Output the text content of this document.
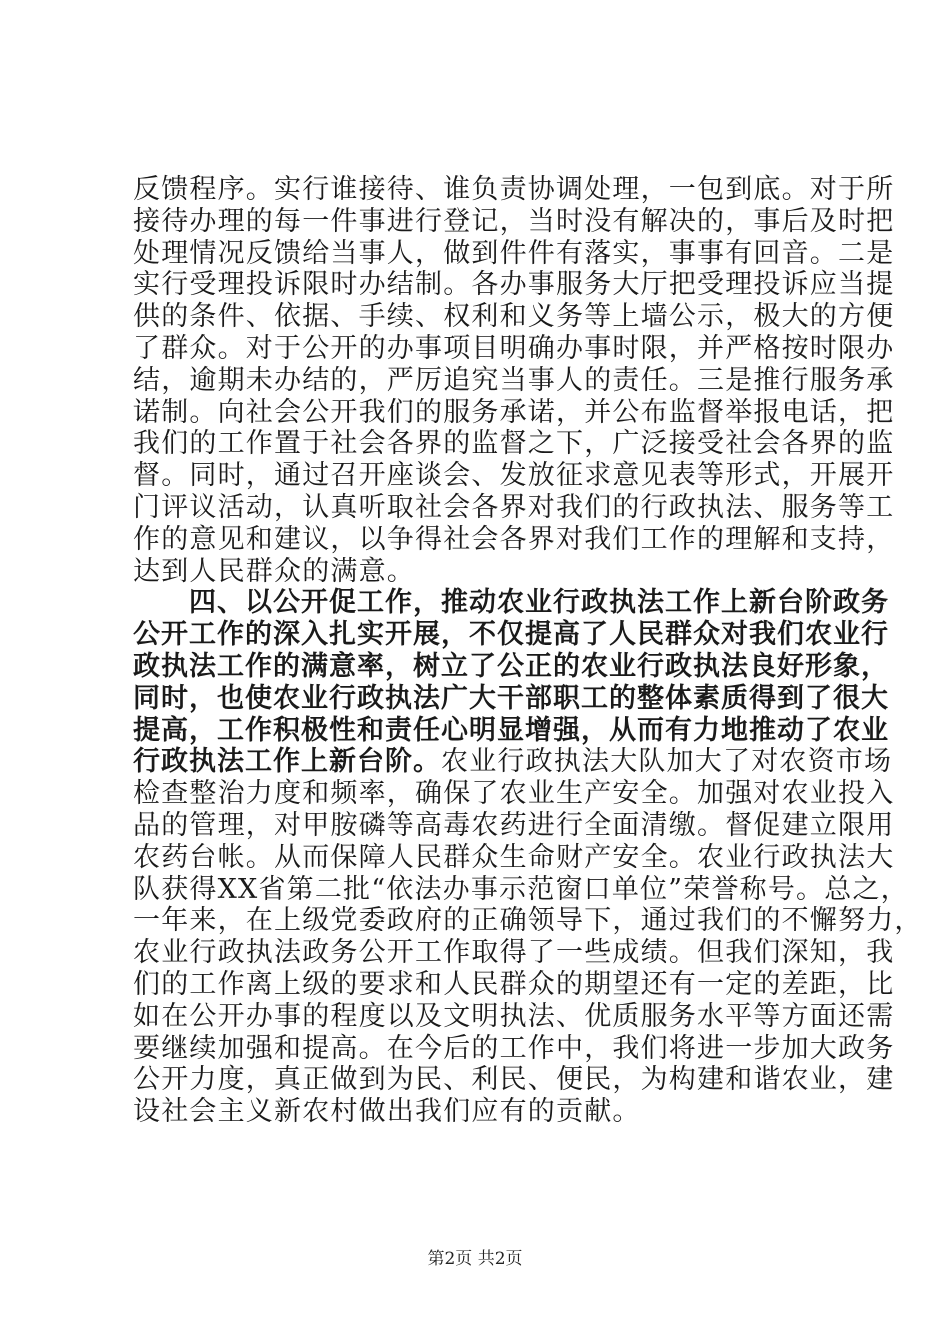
反馈程序。实行谁接待、谁负责协调处理，一包到底。对于所
接待办理的每一件事进行登记，当时没有解决的，事后及时把
处理情况反馈给当事人，做到件件有落实，事事有回音。二是
实行受理投诉限时办结制。各办事服务大厅把受理投诉应当提
供的条件、依据、手续、权利和义务等上墙公示，极大的方便
了群众。对于公开的办事项目明确办事时限，并严格按时限办
结，逾期未办结的，严厉追究当事人的责任。三是推行服务承
诺制。向社会公开我们的服务承诺，并公布监督举报电话，把
我们的工作置于社会各界的监督之下，广泛接受社会各界的监
督。同时，通过召开座谈会、发放征求意见表等形式，开展开
门评议活动，认真听取社会各界对我们的行政执法、服务等工
作的意见和建议，以争得社会各界对我们工作的理解和支持，
达到人民群众的满意。
　　四、以公开促工作，推动农业行政执法工作上新台阶政务
公开工作的深入扎实开展，不仅提高了人民群众对我们农业行
政执法工作的满意率，树立了公正的农业行政执法良好形象，
同时，也使农业行政执法广大干部职工的整体素质得到了很大
提高，工作积极性和责任心明显增强，从而有力地推动了农业
行政执法工作上新台阶。农业行政执法大队加大了对农资市场
检查整治力度和频率，确保了农业生产安全。加强对农业投入
品的管理，对甲胺磷等高毒农药进行全面清缴。督促建立限用
农药台帐。从而保障人民群众生命财产安全。农业行政执法大
队获得XX省第二批“依法办事示范窗口单位”荣誉称号。总之，
一年来，在上级党委政府的正确领导下，通过我们的不懈努力，
农业行政执法政务公开工作取得了一些成绩。但我们深知，我
们的工作离上级的要求和人民群众的期望还有一定的差距，比
如在公开办事的程度以及文明执法、优质服务水平等方面还需
要继续加强和提高。在今后的工作中，我们将进一步加大政务
公开力度，真正做到为民、利民、便民，为构建和谐农业，建
设社会主义新农村做出我们应有的贡献。
第2页 共2页
